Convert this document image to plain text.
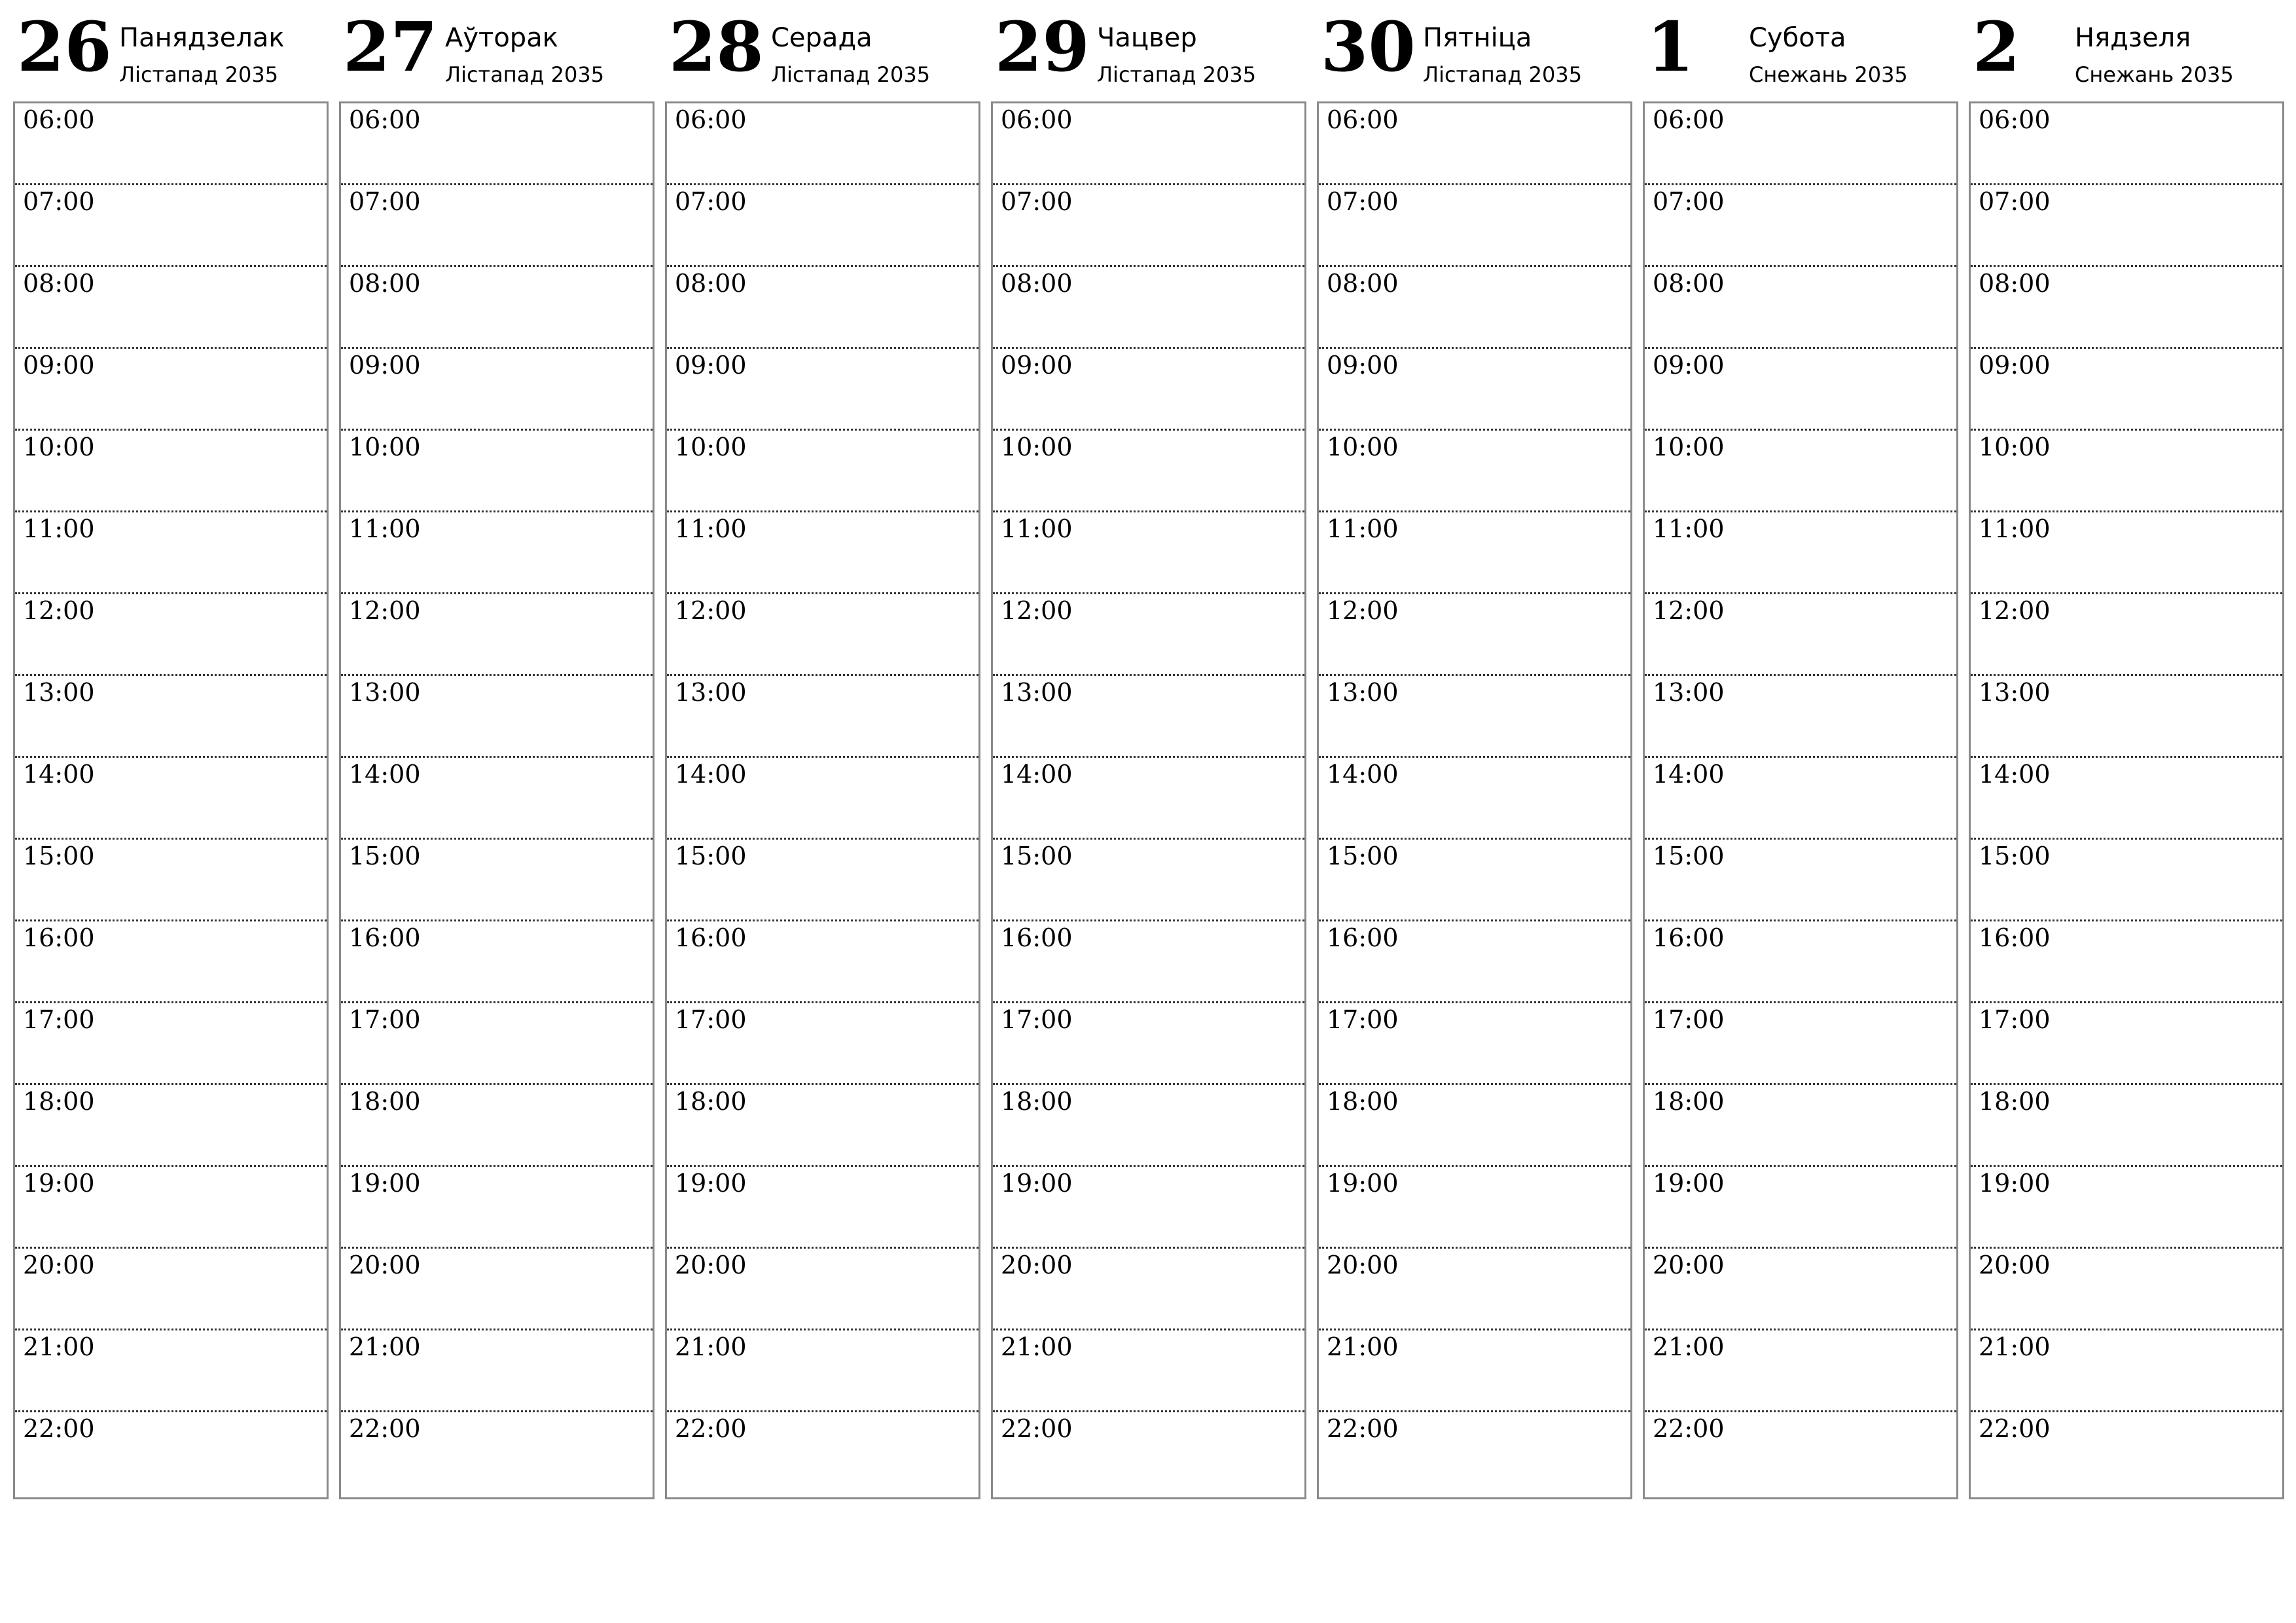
26 Панядзелак
Лістапад 2035
06:00
07:00
08:00
09:00
10:00
11:00
12:00
13:00
14:00
15:00
16:00
17:00
18:00
19:00
20:00
21:00
22:00
27 Аўторак
Лістапад 2035
06:00
07:00
08:00
09:00
10:00
11:00
12:00
13:00
14:00
15:00
16:00
17:00
18:00
19:00
20:00
21:00
22:00
28 Серада
Лістапад 2035
06:00
07:00
08:00
09:00
10:00
11:00
12:00
13:00
14:00
15:00
16:00
17:00
18:00
19:00
20:00
21:00
22:00
29 Чацвер
Лістапад 2035
06:00
07:00
08:00
09:00
10:00
11:00
12:00
13:00
14:00
15:00
16:00
17:00
18:00
19:00
20:00
21:00
22:00
30 Пятніца
Лістапад 2035
06:00
07:00
08:00
09:00
10:00
11:00
12:00
13:00
14:00
15:00
16:00
17:00
18:00
19:00
20:00
21:00
22:00
1 Субота
Снежань 2035
06:00
07:00
08:00
09:00
10:00
11:00
12:00
13:00
14:00
15:00
16:00
17:00
18:00
19:00
20:00
21:00
22:00
2 Нядзеля
Снежань 2035
06:00
07:00
08:00
09:00
10:00
11:00
12:00
13:00
14:00
15:00
16:00
17:00
18:00
19:00
20:00
21:00
22:00
